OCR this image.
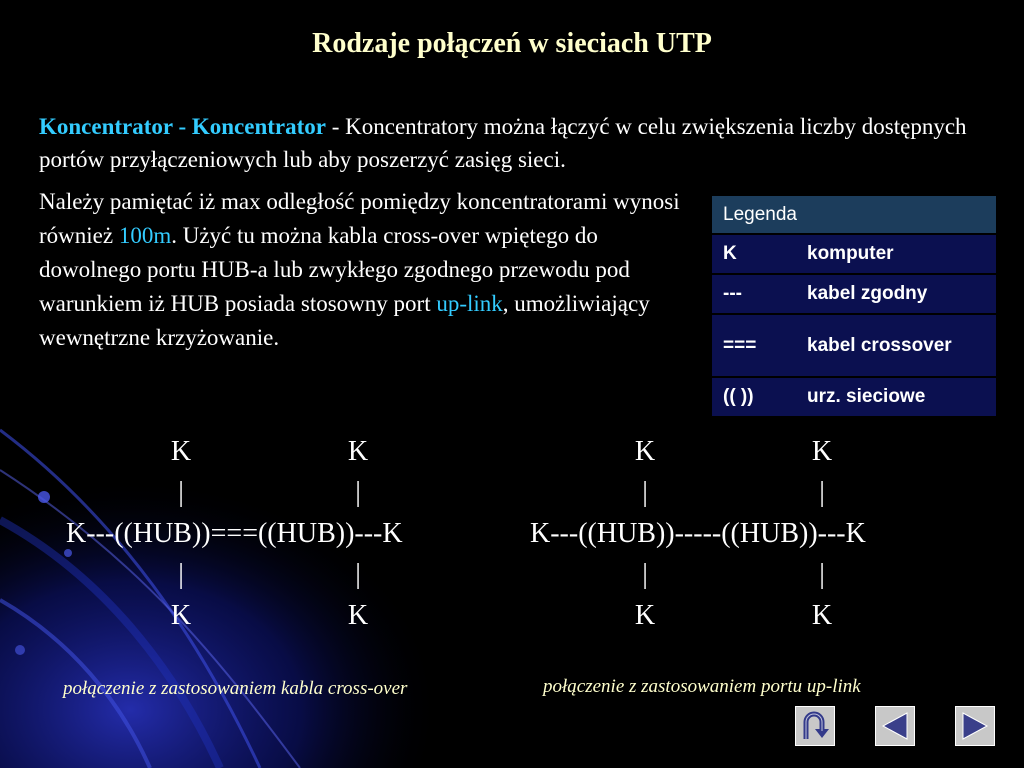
Rodzaje połączeń w sieciach UTP
Koncentrator - Koncentrator - Koncentratory można łączyć w celu zwiększenia liczby dostępnych portów przyłączeniowych lub aby poszerzyć zasięg sieci.
Należy pamiętać iż max odległość pomiędzy koncentratorami wynosi również 100m. Użyć tu można kabla cross-over wpiętego do dowolnego portu HUB-a lub zwykłego zgodnego przewodu pod warunkiem iż HUB posiada stosowny port up-link, umożliwiający wewnętrzne krzyżowanie.
Legenda	
K	komputer
---	kabel zgodny
===	kabel crossover
(( ))	urz. sieciowe
K	K
|	|
K---((HUB))===((HUB))---K
|	|
K	K
K	K
|	|
K---((HUB))-----((HUB))---K
|	|
K	K
połączenie z zastosowaniem kabla cross-over	połączenie z zastosowaniem portu up-link
